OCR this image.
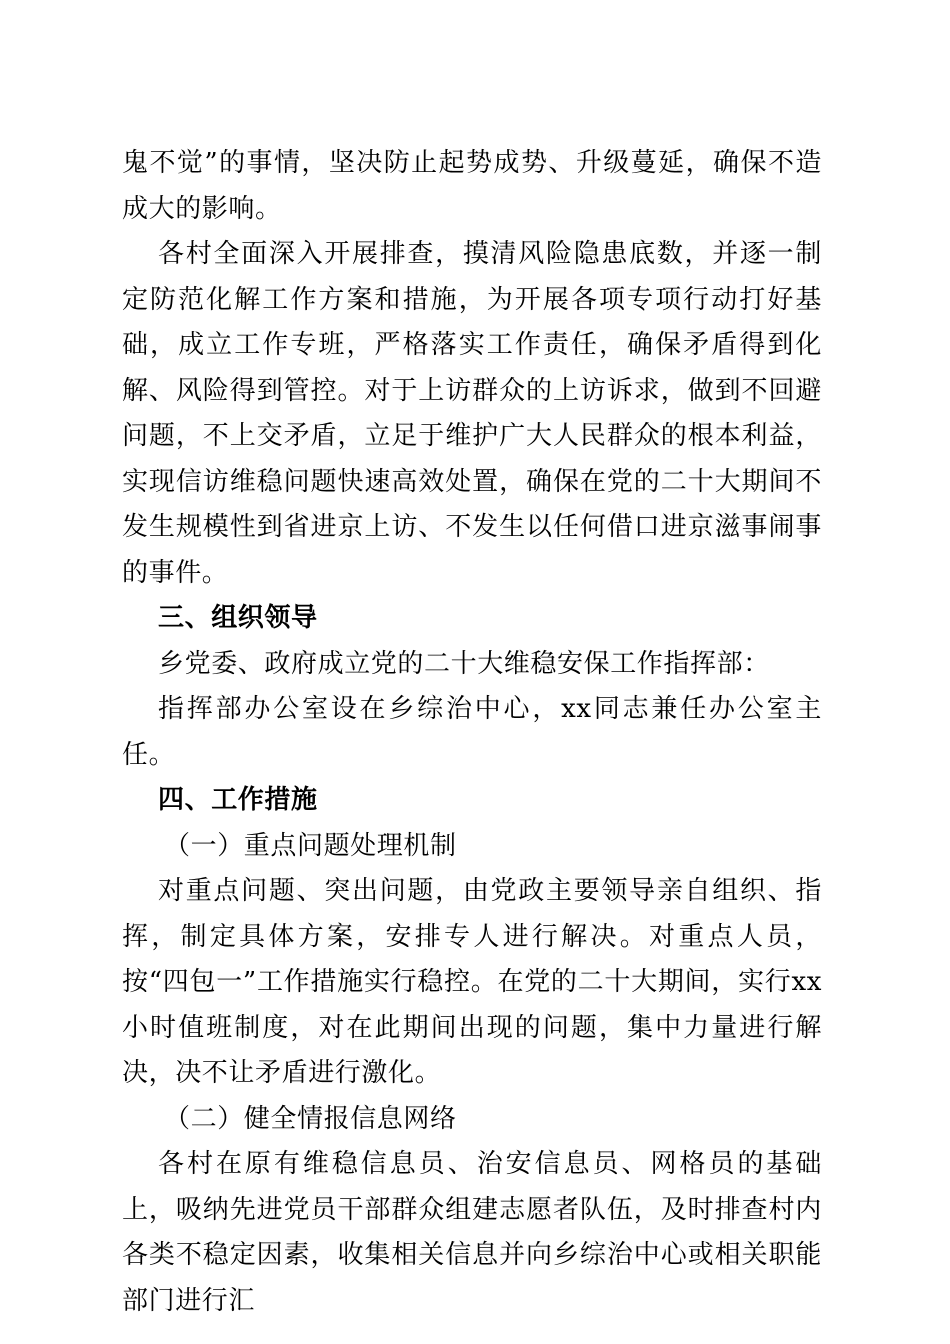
鬼不觉”的事情，坚决防止起势成势、升级蔓延，确保不造成大的影响。

各村全面深入开展排查，摸清风险隐患底数，并逐一制定防范化解工作方案和措施，为开展各项专项行动打好基础，成立工作专班，严格落实工作责任，确保矛盾得到化解、风险得到管控。对于上访群众的上访诉求，做到不回避问题，不上交矛盾，立足于维护广大人民群众的根本利益，实现信访维稳问题快速高效处置，确保在党的二十大期间不发生规模性到省进京上访、不发生以任何借口进京滋事闹事的事件。

三、组织领导

乡党委、政府成立党的二十大维稳安保工作指挥部：

指挥部办公室设在乡综治中心，xx同志兼任办公室主任。

四、工作措施

（一）重点问题处理机制

对重点问题、突出问题，由党政主要领导亲自组织、指挥，制定具体方案，安排专人进行解决。对重点人员，按“四包一”工作措施实行稳控。在党的二十大期间，实行xx小时值班制度，对在此期间出现的问题，集中力量进行解决，决不让矛盾进行激化。

（二）健全情报信息网络

各村在原有维稳信息员、治安信息员、网格员的基础上，吸纳先进党员干部群众组建志愿者队伍，及时排查村内各类不稳定因素，收集相关信息并向乡综治中心或相关职能部门进行汇
